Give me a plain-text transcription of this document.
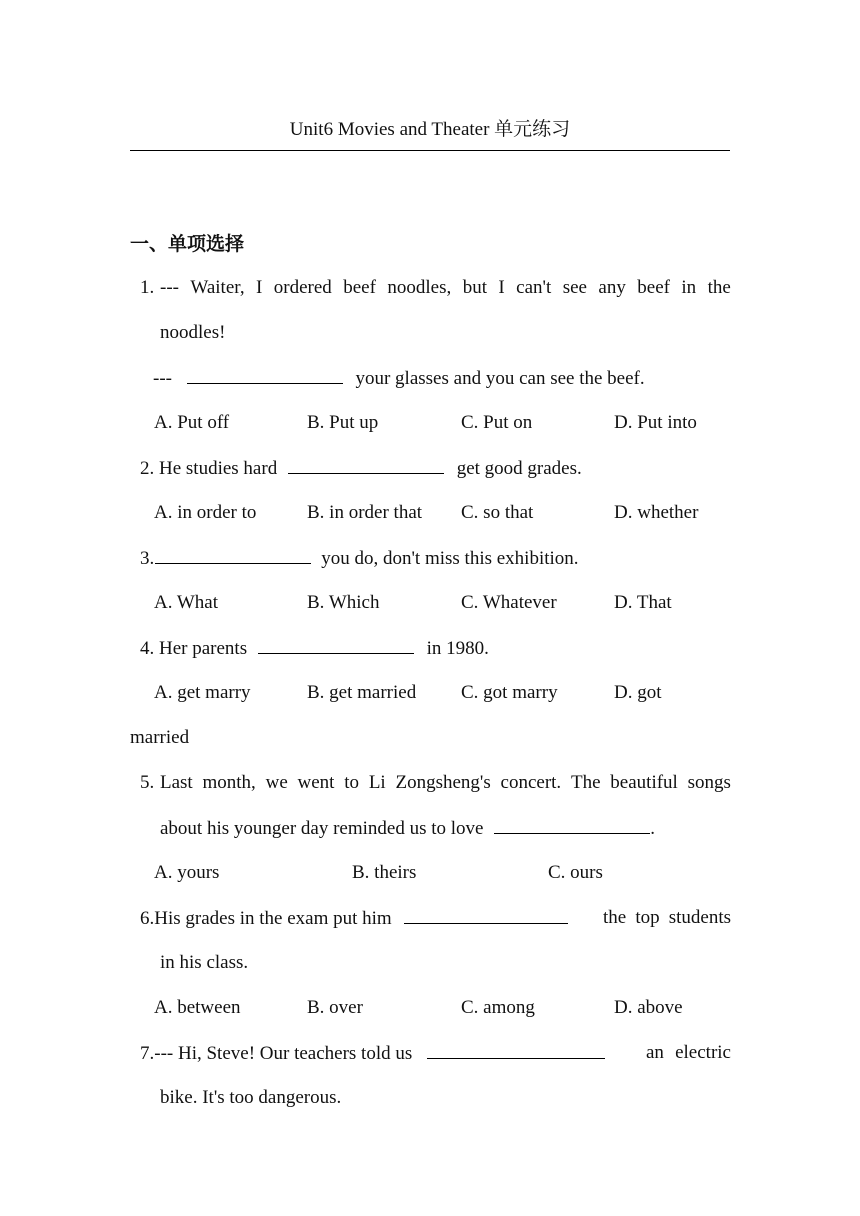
Unit6 Movies and Theater 单元练习
一、单项选择
1. --- Waiter, I ordered beef noodles, but I can't see any beef in the
noodles!
---	your glasses and you can see the beef.
A. Put off	B. Put up	C. Put on	D. Put into
2. He studies hard	get good grades.
A. in order to	B. in order that C. so that	D. whether
3.	you do, don't miss this exhibition.
A. What	B. Which	C. Whatever	D. That
4. Her parents	in 1980.
A. get marry	B. get married C. got marry	D. got
married
5. Last month, we went to Li Zongsheng's concert. The beautiful songs
about his younger day reminded us to love	.
A. yours	B. theirs	C. ours
6.His grades in the exam put him	the top students
in his class.
A. between	B. over	C. among	D. above
7.--- Hi, Steve! Our teachers told us	an electric
bike. It's too dangerous.
